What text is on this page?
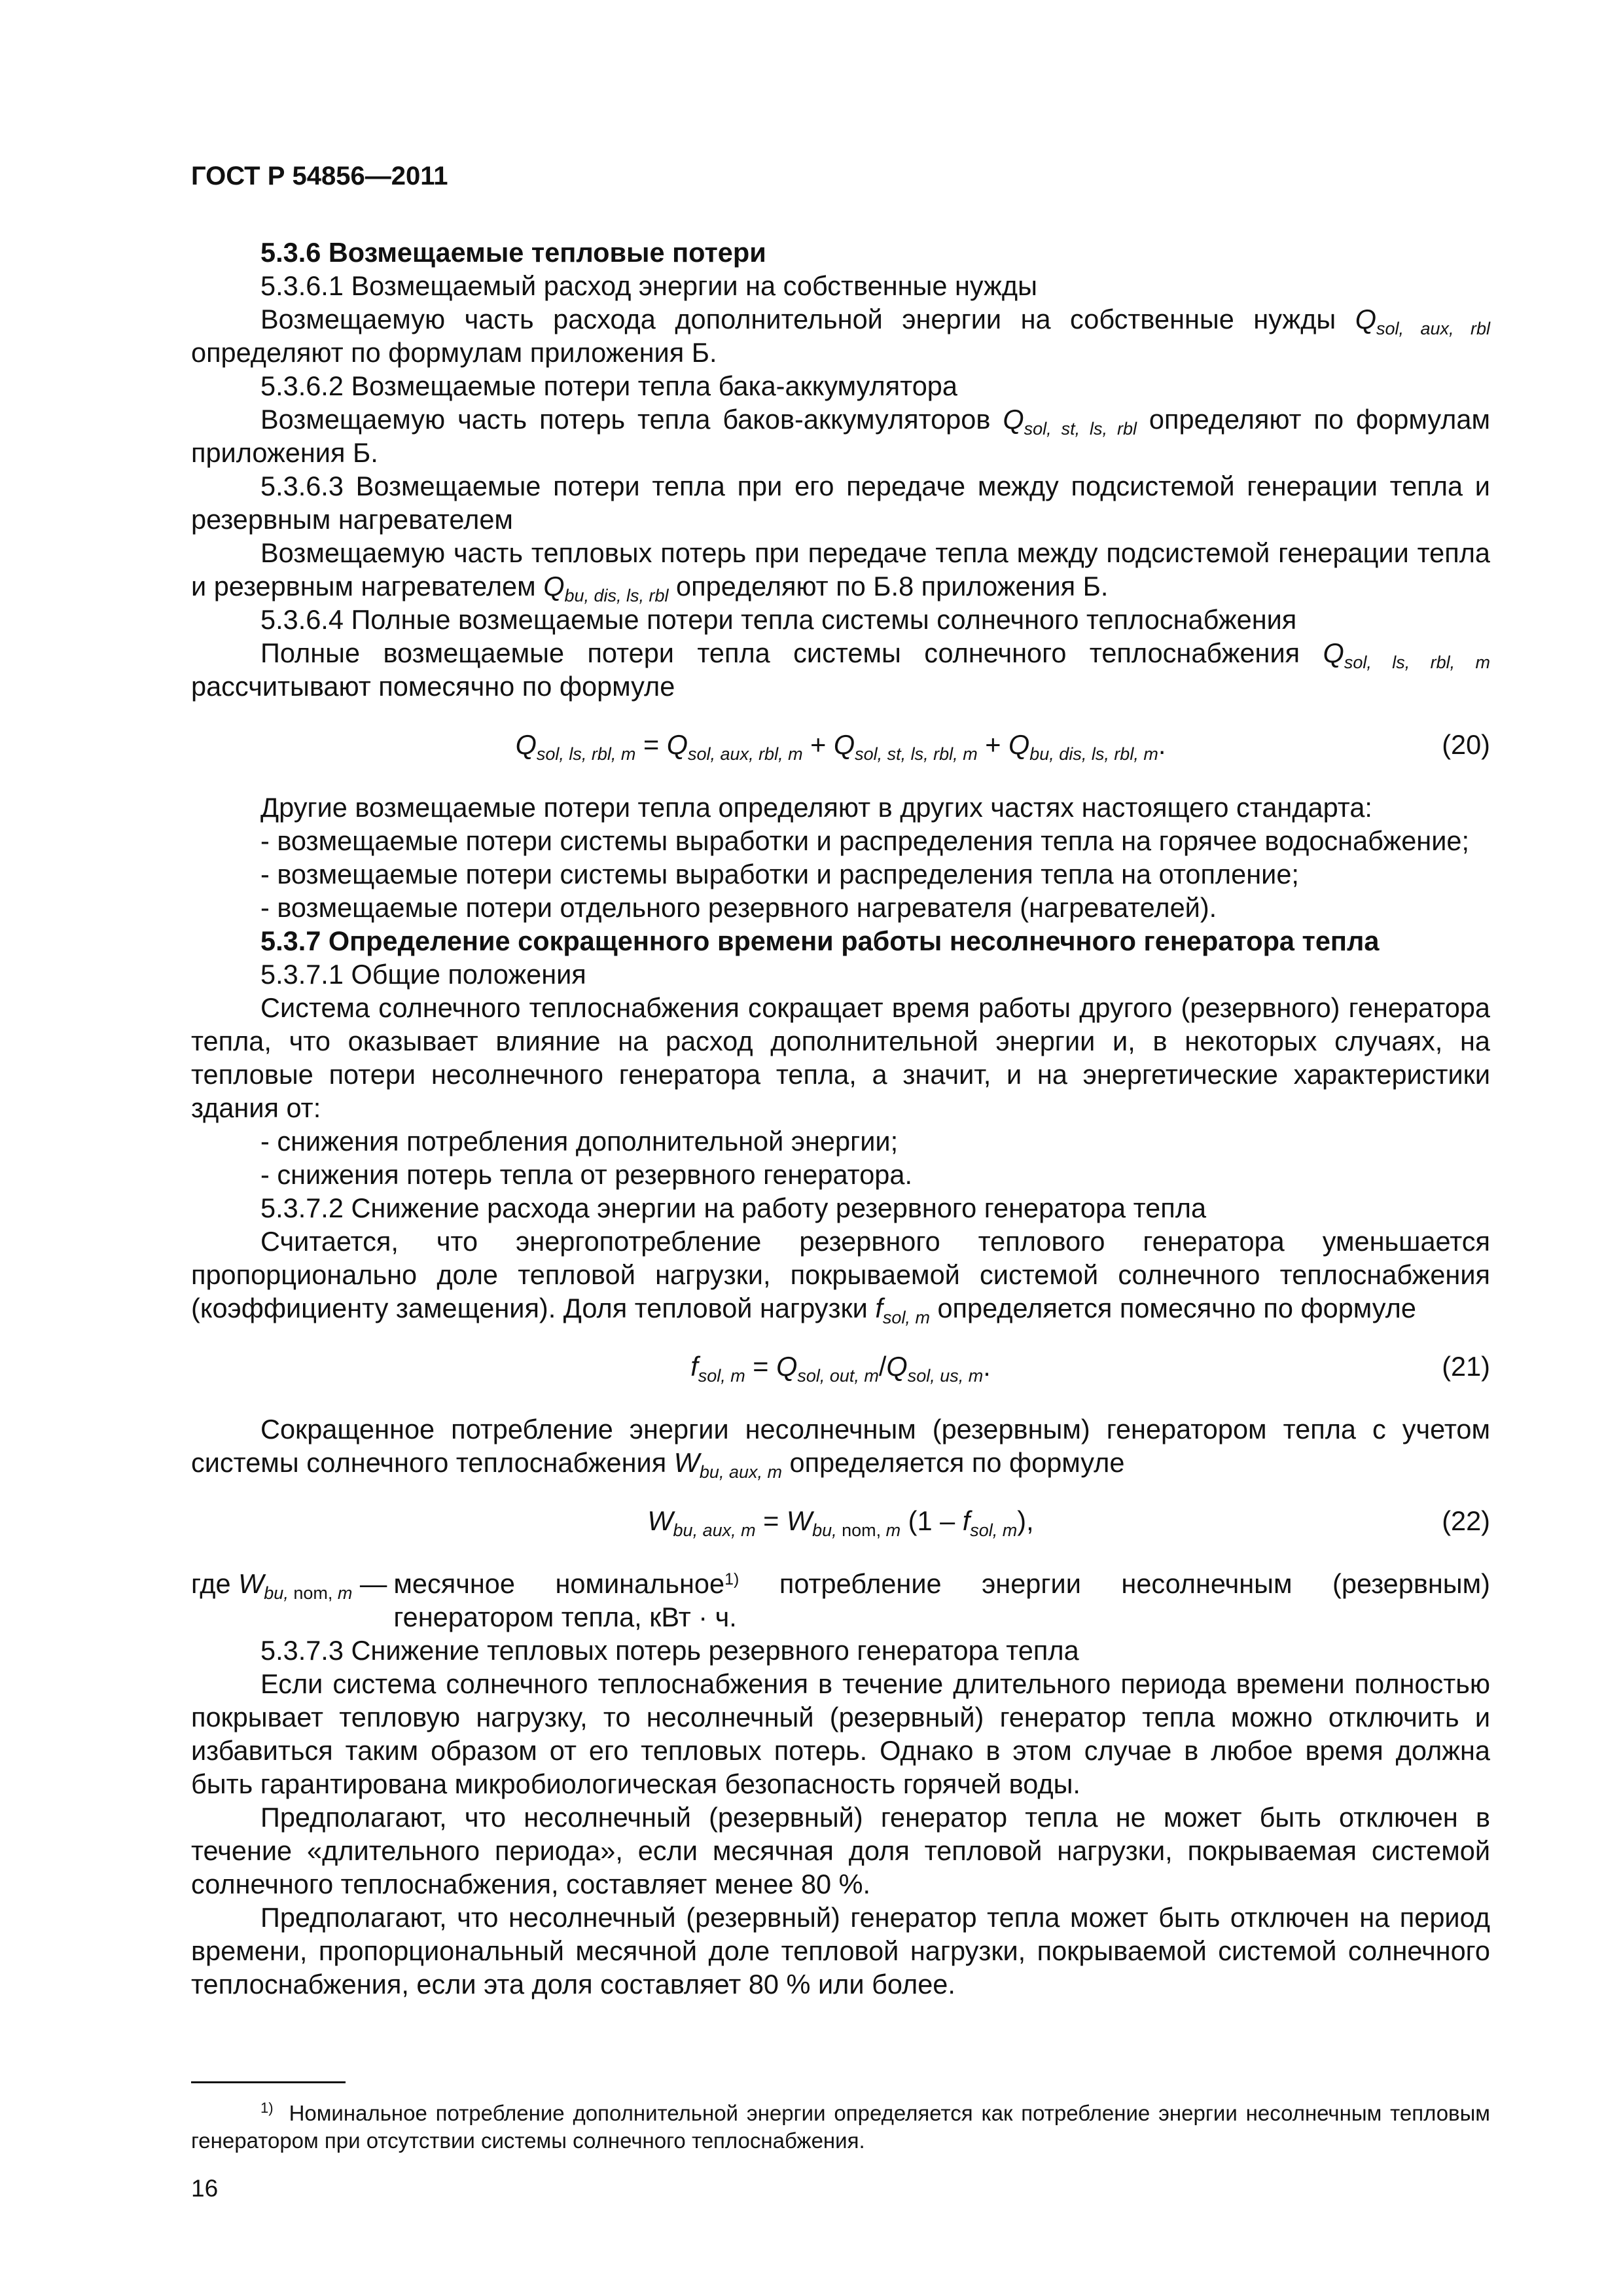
ГОСТ Р 54856—2011

5.3.6 Возмещаемые тепловые потери

5.3.6.1 Возмещаемый расход энергии на собственные нужды

Возмещаемую часть расхода дополнительной энергии на собственные нужды $Q_{sol, aux, rbl}$ определяют по формулам приложения Б.

5.3.6.2 Возмещаемые потери тепла бака-аккумулятора

Возмещаемую часть потерь тепла баков-аккумуляторов $Q_{sol, st, ls, rbl}$ определяют по формулам приложения Б.

5.3.6.3 Возмещаемые потери тепла при его передаче между подсистемой генерации тепла и резервным нагревателем

Возмещаемую часть тепловых потерь при передаче тепла между подсистемой генерации тепла и резервным нагревателем $Q_{bu, dis, ls, rbl}$ определяют по Б.8 приложения Б.

5.3.6.4 Полные возмещаемые потери тепла системы солнечного теплоснабжения

Полные возмещаемые потери тепла системы солнечного теплоснабжения $Q_{sol, ls, rbl, m}$ рассчитывают помесячно по формуле

$Q_{sol, ls, rbl, m} = Q_{sol, aux, rbl, m} + Q_{sol, st, ls, rbl, m} + Q_{bu, dis, ls, rbl, m}$.	(20)

Другие возмещаемые потери тепла определяют в других частях настоящего стандарта:

- возмещаемые потери системы выработки и распределения тепла на горячее водоснабжение;

- возмещаемые потери системы выработки и распределения тепла на отопление;

- возмещаемые потери отдельного резервного нагревателя (нагревателей).

5.3.7 Определение сокращенного времени работы несолнечного генератора тепла

5.3.7.1 Общие положения

Система солнечного теплоснабжения сокращает время работы другого (резервного) генератора тепла, что оказывает влияние на расход дополнительной энергии и, в некоторых случаях, на тепловые потери несолнечного генератора тепла, а значит, и на энергетические характеристики здания от:

- снижения потребления дополнительной энергии;

- снижения потерь тепла от резервного генератора.

5.3.7.2 Снижение расхода энергии на работу резервного генератора тепла

Считается, что энергопотребление резервного теплового генератора уменьшается пропорционально доле тепловой нагрузки, покрываемой системой солнечного теплоснабжения (коэффициенту замещения). Доля тепловой нагрузки $f_{sol, m}$ определяется помесячно по формуле

$f_{sol, m} = Q_{sol, out, m}/Q_{sol, us, m}$.	(21)

Сокращенное потребление энергии несолнечным (резервным) генератором тепла с учетом системы солнечного теплоснабжения $W_{bu, aux, m}$ определяется по формуле

$W_{bu, aux, m} = W_{bu, nom, m}$ $(1 - f_{sol, m})$,	(22)
где $W_{bu, nom, m}$ — месячное номинальное$^{1)}$ потребление энергии несолнечным (резервным) генератором тепла, кВт · ч.

5.3.7.3 Снижение тепловых потерь резервного генератора тепла

Если система солнечного теплоснабжения в течение длительного периода времени полностью покрывает тепловую нагрузку, то несолнечный (резервный) генератор тепла можно отключить и избавиться таким образом от его тепловых потерь. Однако в этом случае в любое время должна быть гарантирована микробиологическая безопасность горячей воды.

Предполагают, что несолнечный (резервный) генератор тепла не может быть отключен в течение «длительного периода», если месячная доля тепловой нагрузки, покрываемая системой солнечного теплоснабжения, составляет менее 80 %.

Предполагают, что несолнечный (резервный) генератор тепла может быть отключен на период времени, пропорциональный месячной доле тепловой нагрузки, покрываемой системой солнечного теплоснабжения, если эта доля составляет 80 % или более.

$^{1)}$ Номинальное потребление дополнительной энергии определяется как потребление энергии несолнечным тепловым генератором при отсутствии системы солнечного теплоснабжения.
16
